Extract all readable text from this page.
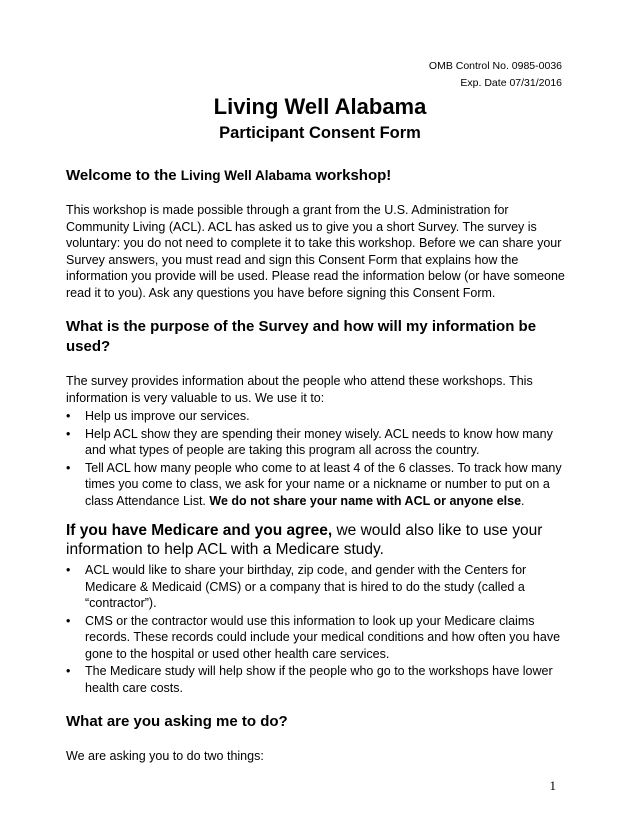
OMB Control No. 0985-0036
Exp. Date 07/31/2016
Living Well Alabama
Participant Consent Form
Welcome to the Living Well Alabama workshop!

This workshop is made possible through a grant from the U.S. Administration for Community Living (ACL). ACL has asked us to give you a short Survey. The survey is voluntary: you do not need to complete it to take this workshop. Before we can share your Survey answers, you must read and sign this Consent Form that explains how the information you provide will be used. Please read the information below (or have someone read it to you). Ask any questions you have before signing this Consent Form.

What is the purpose of the Survey and how will my information be used?

The survey provides information about the people who attend these workshops. This information is very valuable to us. We use it to:

• Help us improve our services.
• Help ACL show they are spending their money wisely. ACL needs to know how many and what types of people are taking this program all across the country.
• Tell ACL how many people who come to at least 4 of the 6 classes. To track how many times you come to class, we ask for your name or a nickname or number to put on a class Attendance List. We do not share your name with ACL or anyone else.
If you have Medicare and you agree, we would also like to use your information to help ACL with a Medicare study.
• ACL would like to share your birthday, zip code, and gender with the Centers for Medicare & Medicaid (CMS) or a company that is hired to do the study (called a “contractor”).
• CMS or the contractor would use this information to look up your Medicare claims records. These records could include your medical conditions and how often you have gone to the hospital or used other health care services.
• The Medicare study will help show if the people who go to the workshops have lower health care costs.
What are you asking me to do?

We are asking you to do two things:

1
